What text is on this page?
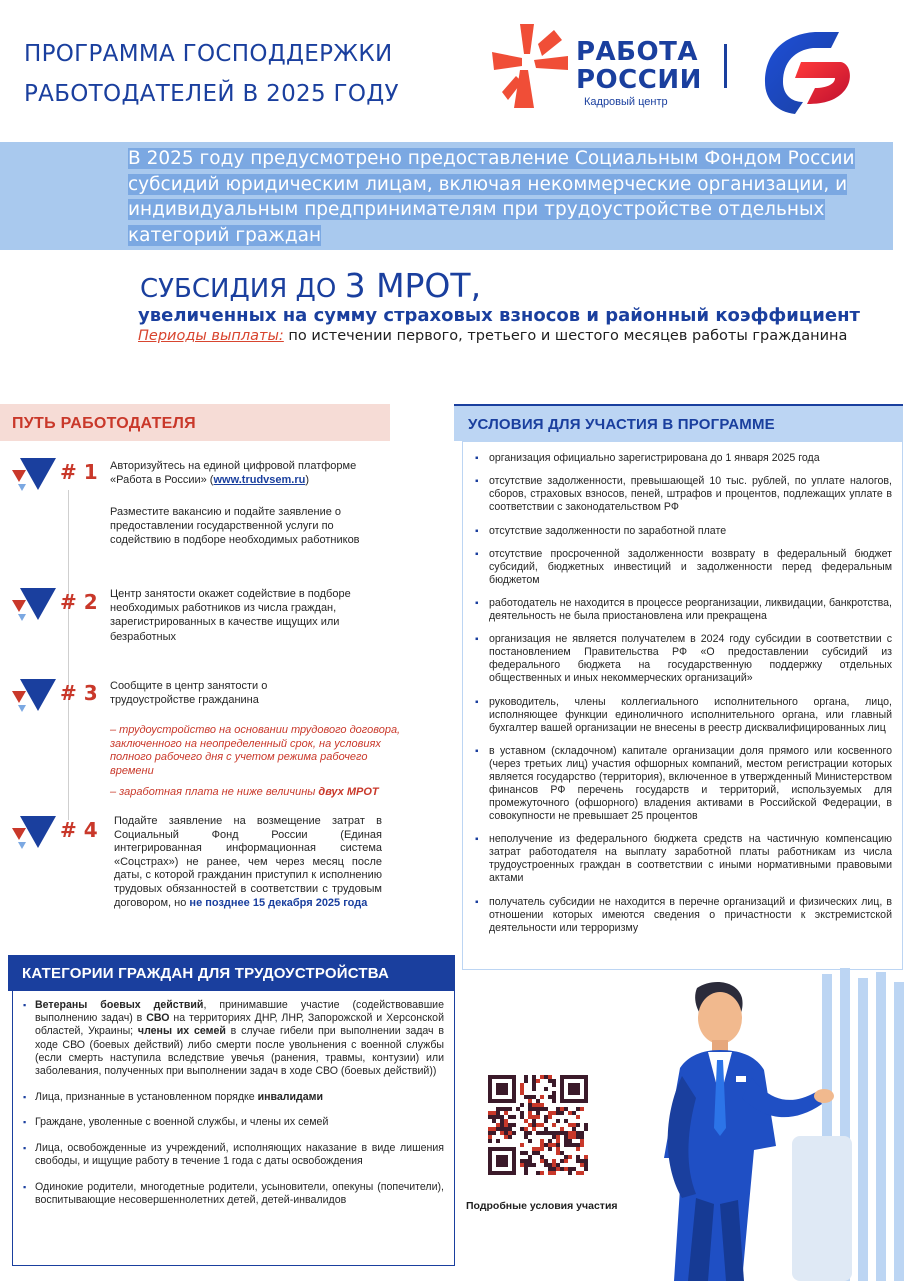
ПРОГРАММА ГОСПОДДЕРЖКИ
РАБОТОДАТЕЛЕЙ В 2025 ГОДУ
РАБОТА
РОССИИ
Кадровый центр
В 2025 году предусмотрено предоставление Социальным Фондом России субсидий юридическим лицам, включая некоммерческие организации, и индивидуальным предпринимателям при трудоустройстве отдельных категорий граждан
СУБСИДИЯ ДО 3 МРОТ,
увеличенных на сумму страховых взносов и районный коэффициент
Периоды выплаты: по истечении первого, третьего и шестого месяцев работы гражданина
ПУТЬ РАБОТОДАТЕЛЯ
# 1 Авторизуйтесь на единой цифровой платформе «Работа в России» (www.trudvsem.ru)
Разместите вакансию и подайте заявление о предоставлении государственной услуги по содействию в подборе необходимых работников
# 2 Центр занятости окажет содействие в подборе необходимых работников из числа граждан, зарегистрированных в качестве ищущих или безработных
# 3 Сообщите в центр занятости о трудоустройстве гражданина
– трудоустройство на основании трудового договора, заключенного на неопределенный срок, на условиях полного рабочего дня с учетом режима рабочего времени
– заработная плата не ниже величины двух МРОТ
# 4 Подайте заявление на возмещение затрат в Социальный Фонд России (Единая интегрированная информационная система «Соцстрах») не ранее, чем через месяц после даты, с которой гражданин приступил к исполнению трудовых обязанностей в соответствии с трудовым договором, но не позднее 15 декабря 2025 года
УСЛОВИЯ ДЛЯ УЧАСТИЯ В ПРОГРАММЕ
▪ организация официально зарегистрирована до 1 января 2025 года
▪ отсутствие задолженности, превышающей 10 тыс. рублей, по уплате налогов, сборов, страховых взносов, пеней, штрафов и процентов, подлежащих уплате в соответствии с законодательством РФ
▪ отсутствие задолженности по заработной плате
▪ отсутствие просроченной задолженности возврату в федеральный бюджет субсидий, бюджетных инвестиций и задолженности перед федеральным бюджетом
▪ работодатель не находится в процессе реорганизации, ликвидации, банкротства, деятельность не была приостановлена или прекращена
▪ организация не является получателем в 2024 году субсидии в соответствии с постановлением Правительства РФ «О предоставлении субсидий из федерального бюджета на государственную поддержку отдельных общественных и иных некоммерческих организаций»
▪ руководитель, члены коллегиального исполнительного органа, лицо, исполняющее функции единоличного исполнительного органа, или главный бухгалтер вашей организации не внесены в реестр дисквалифицированных лиц
▪ в уставном (складочном) капитале организации доля прямого или косвенного (через третьих лиц) участия офшорных компаний, местом регистрации которых является государство (территория), включенное в утвержденный Министерством финансов РФ перечень государств и территорий, используемых для промежуточного (офшорного) владения активами в Российской Федерации, в совокупности не превышает 25 процентов
▪ неполучение из федерального бюджета средств на частичную компенсацию затрат работодателя на выплату заработной платы работникам из числа трудоустроенных граждан в соответствии с иными нормативными правовыми актами
▪ получатель субсидии не находится в перечне организаций и физических лиц, в отношении которых имеются сведения о причастности к экстремистской деятельности или терроризму
КАТЕГОРИИ ГРАЖДАН ДЛЯ ТРУДОУСТРОЙСТВА
▪ Ветераны боевых действий, принимавшие участие (содействовавшие выполнению задач) в СВО на территориях ДНР, ЛНР, Запорожской и Херсонской областей, Украины; члены их семей в случае гибели при выполнении задач в ходе СВО (боевых действий) либо смерти после увольнения с военной службы (если смерть наступила вследствие увечья (ранения, травмы, контузии) или заболевания, полученных при выполнении задач в ходе СВО (боевых действий))
▪ Лица, признанные в установленном порядке инвалидами
▪ Граждане, уволенные с военной службы, и члены их семей
▪ Лица, освобожденные из учреждений, исполняющих наказание в виде лишения свободы, и ищущие работу в течение 1 года с даты освобождения
▪ Одинокие родители, многодетные родители, усыновители, опекуны (попечители), воспитывающие несовершеннолетних детей, детей-инвалидов	Подробные условия участия
